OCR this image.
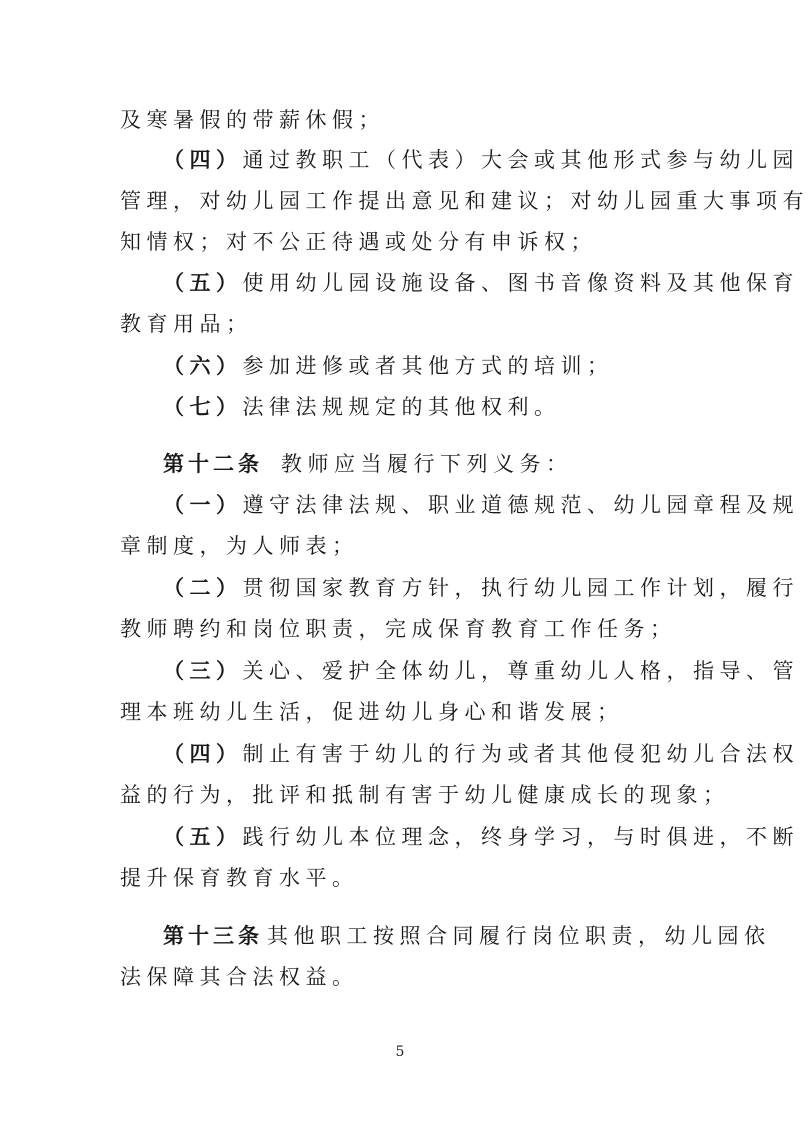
及寒暑假的带薪休假；
（四）通过教职工（代表）大会或其他形式参与幼儿园
管理，对幼儿园工作提出意见和建议；对幼儿园重大事项有
知情权；对不公正待遇或处分有申诉权；
（五）使用幼儿园设施设备、图书音像资料及其他保育
教育用品；
（六）参加进修或者其他方式的培训；
（七）法律法规规定的其他权利。
第十二条 教师应当履行下列义务：
（一）遵守法律法规、职业道德规范、幼儿园章程及规
章制度，为人师表；
（二）贯彻国家教育方针，执行幼儿园工作计划，履行
教师聘约和岗位职责，完成保育教育工作任务；
（三）关心、爱护全体幼儿，尊重幼儿人格，指导、管
理本班幼儿生活，促进幼儿身心和谐发展；
（四）制止有害于幼儿的行为或者其他侵犯幼儿合法权
益的行为，批评和抵制有害于幼儿健康成长的现象；
（五）践行幼儿本位理念，终身学习，与时俱进，不断
提升保育教育水平。
第十三条 其他职工按照合同履行岗位职责，幼儿园依
法保障其合法权益。
5
